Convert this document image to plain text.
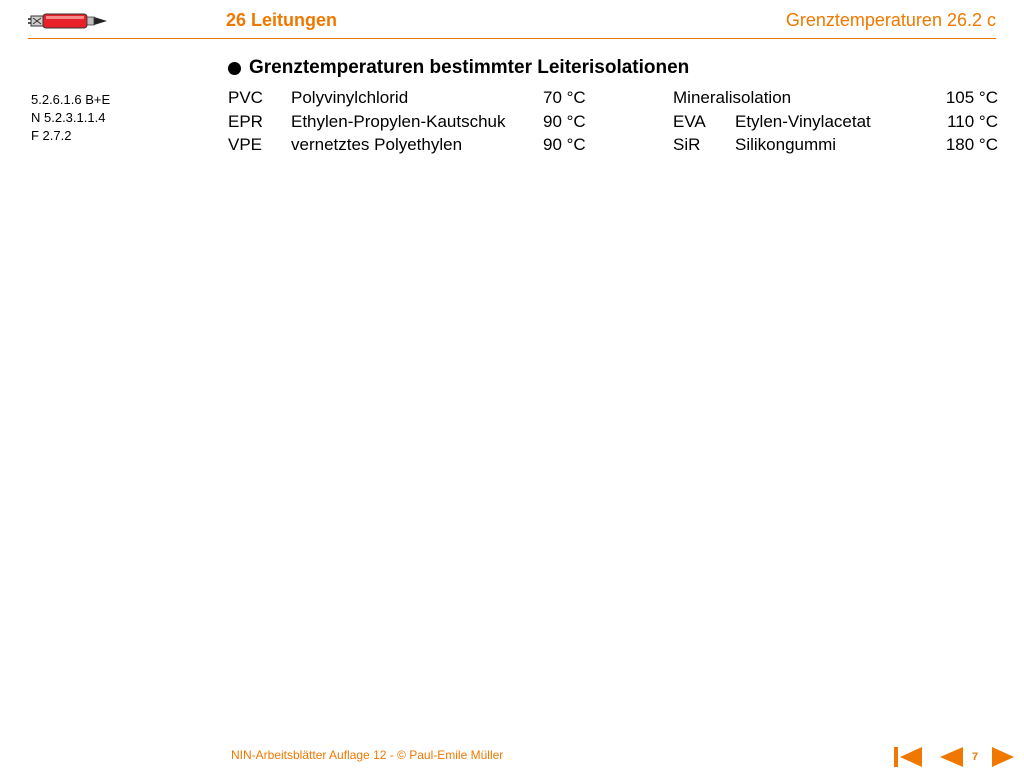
26 Leitungen	Grenztemperaturen 26.2 c
Grenztemperaturen bestimmter Leiterisolationen
5.2.6.1.6 B+E
N 5.2.3.1.1.4
F 2.7.2
PVC Polyvinylchlorid	70 °C	Mineralisolation	105 °C
EPR Ethylen-Propylen-Kautschuk 90 °C	EVA Etylen-Vinylacetat	110 °C
VPE vernetztes Polyethylen	90 °C	SiR Silikongummi	180 °C
NIN-Arbeitsblätter Auflage 12 - © Paul-Emile Müller	7
